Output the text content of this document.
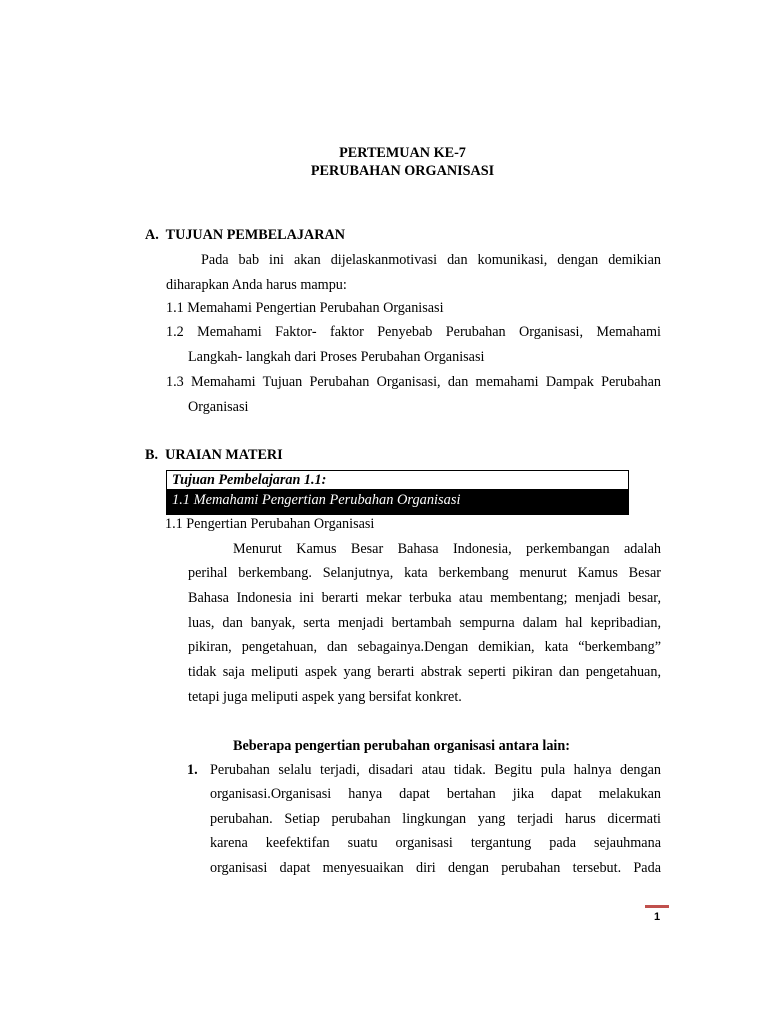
PERTEMUAN KE-7
PERUBAHAN ORGANISASI
A.  TUJUAN PEMBELAJARAN
Pada bab ini akan dijelaskanmotivasi dan komunikasi, dengan demikian
diharapkan Anda harus mampu:
1.1 Memahami Pengertian Perubahan Organisasi
1.2 Memahami Faktor- faktor Penyebab Perubahan Organisasi, Memahami
Langkah- langkah dari Proses Perubahan Organisasi
1.3 Memahami Tujuan Perubahan Organisasi, dan memahami Dampak Perubahan
Organisasi
B.  URAIAN MATERI
Tujuan Pembelajaran 1.1:
1.1 Memahami Pengertian Perubahan Organisasi
1.1 Pengertian Perubahan Organisasi
Menurut Kamus Besar Bahasa Indonesia, perkembangan adalah
perihal berkembang. Selanjutnya, kata berkembang menurut Kamus Besar
Bahasa Indonesia ini berarti mekar terbuka atau membentang; menjadi besar,
luas, dan banyak, serta menjadi bertambah sempurna dalam hal kepribadian,
pikiran, pengetahuan, dan sebagainya.Dengan demikian, kata “berkembang”
tidak saja meliputi aspek yang berarti abstrak seperti pikiran dan pengetahuan,
tetapi juga meliputi aspek yang bersifat konkret.
Beberapa pengertian perubahan organisasi antara lain:
1. Perubahan selalu terjadi, disadari atau tidak. Begitu pula halnya dengan
organisasi.Organisasi hanya dapat bertahan jika dapat melakukan
perubahan. Setiap perubahan lingkungan yang terjadi harus dicermati
karena keefektifan suatu organisasi tergantung pada sejauhmana
organisasi dapat menyesuaikan diri dengan perubahan tersebut. Pada
1
